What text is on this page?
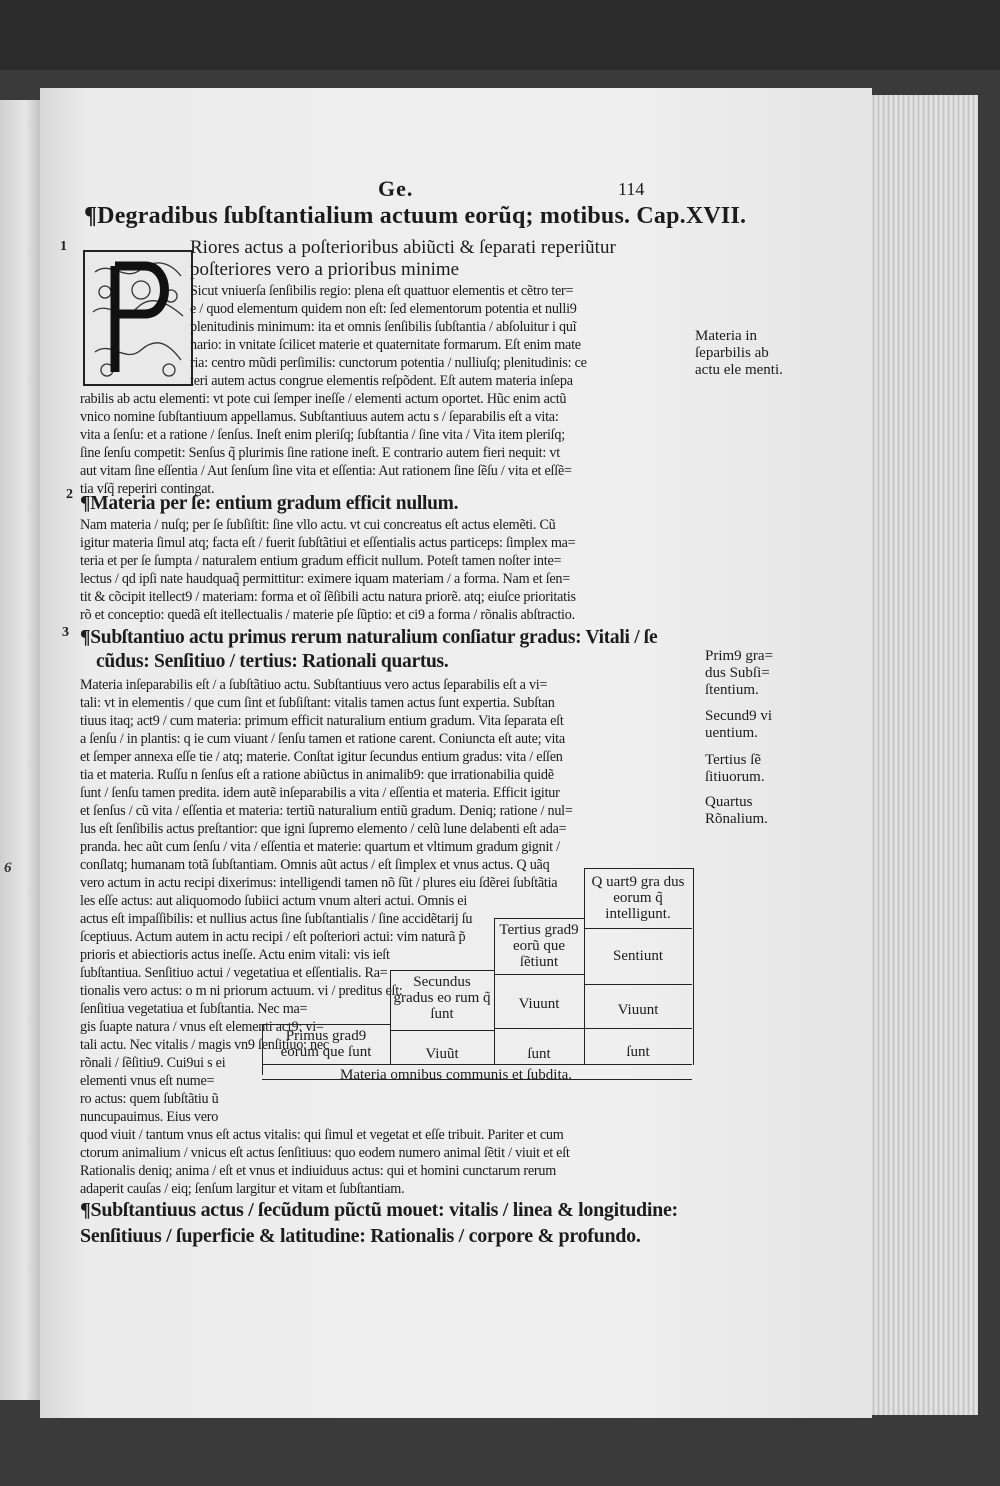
6
Ge.	114
¶Degradibus ſubſtantialium actuum eorũq; motibus. Cap.XVII.
1	Riores actus a poſterioribus abiũcti & ſeparati reperiũtur
poſteriores vero a prioribus minime
Sicut vniuerſa ſenſibilis regio: plena eſt quattuor elementis et cẽtro ter=
e / quod elementum quidem non eſt: ſed elementorum potentia et nulli9
plenitudinis minimum: ita et omnis ſenſibilis ſubſtantia / abſoluitur i quĩ
nario: in vnitate ſcilicet materie et quaternitate formarum. Eſt enim mate
ria: centro mũdi perſimilis: cunctorum potentia / nulliuſq; plenitudinis: ce
teri autem actus congrue elementis reſpõdent. Eſt autem materia inſepa
rabilis ab actu elementi: vt pote cui ſemper ineſſe / elementi actum oportet. Hũc enim actũ
vnico nomine ſubſtantiuum appellamus. Subſtantiuus autem actu s / ſeparabilis eſt a vita:
vita a ſenſu: et a ratione / ſenſus. Ineſt enim pleriſq; ſubſtantia / ſine vita / Vita item pleriſq;
ſine ſenſu competit: Senſus q̃ plurimis ſine ratione ineſt. E contrario autem fieri nequit: vt
aut vitam ſine eſſentia / Aut ſenſum ſine vita et eſſentia: Aut rationem ſine ſẽſu / vita et eſſẽ=
tia vſq̃ reperiri contingat.
Materia in ſeparbilis ab actu ele menti.
2 ¶Materia per ſe: entium gradum efficit nullum.
Nam materia / nuſq; per ſe ſubſiſtit: ſine vllo actu. vt cui concreatus eſt actus elemẽti. Cũ
igitur materia ſimul atq; facta eſt / fuerit ſubſtãtiui et eſſentialis actus particeps: ſimplex ma=
teria et per ſe ſumpta / naturalem entium gradum efficit nullum. Poteſt tamen noſter inte=
lectus / qd ipſi nate haudquaq̃ permittitur: eximere iquam materiam / a forma. Nam et ſen=
tit & cõcipit itellect9 / materiam: forma et oĩ ſẽſibili actu natura priorẽ. atq; eiuſce prioritatis
rõ et conceptio: quedã eſt itellectualis / materie pſe ſũptio: et ci9 a forma / rõnalis abſtractio.
3 ¶Subſtantiuo actu primus rerum naturalium conſiatur gradus: Vitali / ſe
cũdus: Senſitiuo / tertius: Rationali quartus.
Materia inſeparabilis eſt / a ſubſtãtiuo actu. Subſtantiuus vero actus ſeparabilis eſt a vi=
tali: vt in elementis / que cum ſint et ſubſiſtant: vitalis tamen actus ſunt expertia. Subſtan
tiuus itaq; act9 / cum materia: primum efficit naturalium entium gradum. Vita ſeparata eſt
a ſenſu / in plantis: q ie cum viuant / ſenſu tamen et ratione carent. Coniuncta eſt aute; vita
et ſemper annexa eſſe tie / atq; materie. Conſtat igitur ſecundus entium gradus: vita / eſſen
tia et materia. Ruſſu n ſenſus eſt a ratione abiũctus in animalib9: que irrationabilia quidẽ
ſunt / ſenſu tamen predita. idem autẽ inſeparabilis a vita / eſſentia et materia. Efficit igitur
et ſenſus / cũ vita / eſſentia et materia: tertiũ naturalium entiũ gradum. Deniq; ratione / nul=
lus eſt ſenſibilis actus preſtantior: que igni ſupremo elemento / celũ lune delabenti eſt ada=
pranda. hec aũt cum ſenſu / vita / eſſentia et materie: quartum et vltimum gradum gignit /
conſlatq; humanam totã ſubſtantiam. Omnis aũt actus / eſt ſimplex et vnus actus. Q uãq
vero actum in actu recipi dixerimus: intelligendi tamen nõ ſũt / plures eiu ſdẽrei ſubſtãtia
Prim9 gra= dus Subſi= ſtentium.
Secund9 vi uentium.
Tertius ſẽ ſitiuorum.
Quartus Rõnalium.
les eſſe actus: aut aliquomodo ſubiici actum vnum alteri actui. Omnis ei
actus eſt impaſſibilis: et nullius actus ſine ſubſtantialis / ſine accidẽtarij ſu
ſceptiuus. Actum autem in actu recipi / eſt poſteriori actui: vim naturã p̃
prioris et abiectioris actus ineſſe. Actu enim vitali: vis ieſt
ſubſtantiua. Senſitiuo actui / vegetatiua et eſſentialis. Ra=
tionalis vero actus: o m ni priorum actuum. vi / preditus eſt:
ſenſitiua vegetatiua et ſubſtantia. Nec ma=
gis ſuapte natura / vnus eſt elementi act9: vi=
tali actu. Nec vitalis / magis vn9 ſenſitiuo: nec
rõnali / ſẽſitiu9. Cui9ui s ei
elementi vnus eſt nume=
ro actus: quem ſubſtãtiu ũ
Q uart9 gra dus eorum q̃ intelligunt.
Sentiunt
Viuunt
ſunt
Tertius grad9 eorũ que ſẽtiunt
Viuunt
ſunt
Secundus gradus eo rum q̃ ſunt
Viuũt
Primus grad9 eorum que ſunt
Materia omnibus communis et ſubdita.
nuncupauimus. Eius vero
quod viuit / tantum vnus eſt actus vitalis: qui ſimul et vegetat et eſſe tribuit. Pariter et cum
ctorum animalium / vnicus eſt actus ſenſitiuus: quo eodem numero animal ſẽtit / viuit et eſt
Rationalis deniq; anima / eſt et vnus et indiuiduus actus: qui et homini cunctarum rerum
adaperit cauſas / eiq; ſenſum largitur et vitam et ſubſtantiam.
¶Subſtantiuus actus / ſecũdum pũctũ mouet: vitalis / linea & longitudine:
Senſitiuus / ſuperficie & latitudine: Rationalis / corpore & profundo.
